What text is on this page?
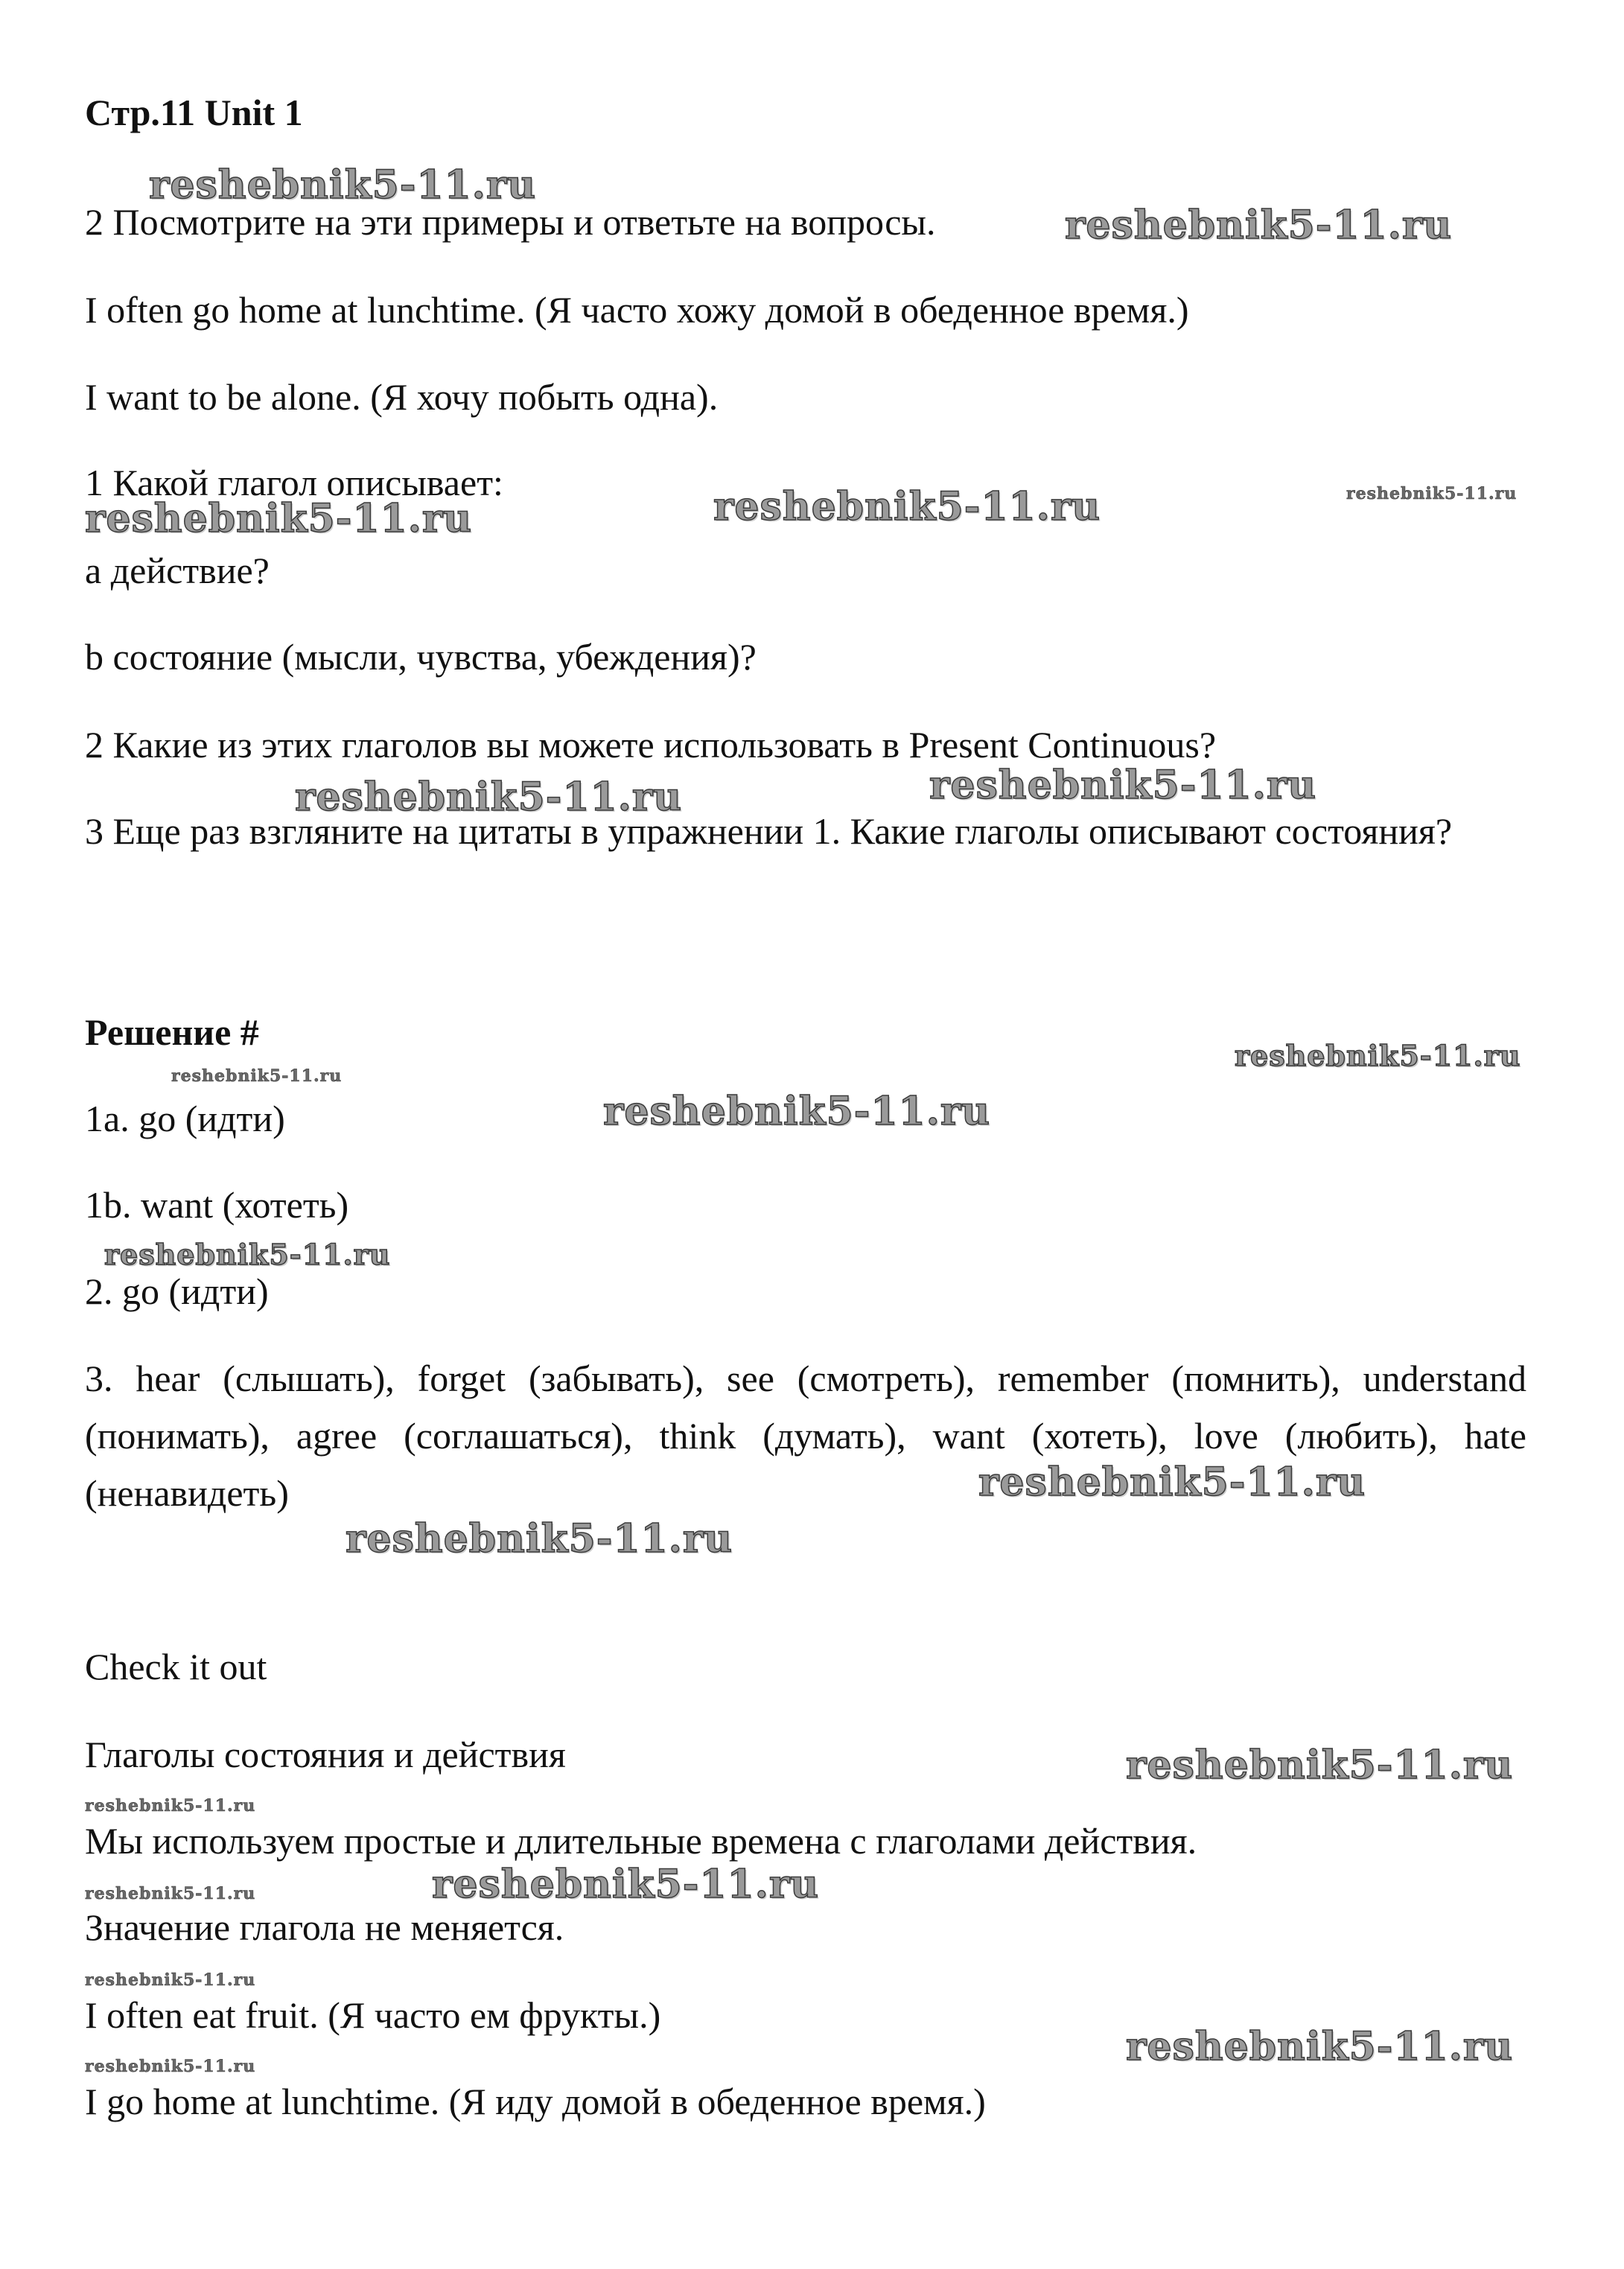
Стр.11 Unit 1
2 Посмотрите на эти примеры и ответьте на вопросы.
I often go home at lunchtime. (Я часто хожу домой в обеденное время.)
I want to be alone. (Я хочу побыть одна).
1 Какой глагол описывает:
a действие?
b состояние (мысли, чувства, убеждения)?
2 Какие из этих глаголов вы можете использовать в Present Continuous?
3 Еще раз взгляните на цитаты в упражнении 1. Какие глаголы описывают состояния?
Решение #
1a. go (идти)
1b. want (хотеть)
2. go (идти)
3. hear (слышать), forget (забывать), see (смотреть), remember (помнить), understand (понимать), agree (соглашаться), think (думать), want (хотеть), love (любить), hate (ненавидеть)
Check it out
Глаголы состояния и действия
Мы используем простые и длительные времена с глаголами действия.
Значение глагола не меняется.
I often eat fruit. (Я часто ем фрукты.)
I go home at lunchtime. (Я иду домой в обеденное время.)
reshebnik5-11.ru
reshebnik5-11.ru
reshebnik5-11.ru	reshebnik5-11.ru	reshebnik5-11.ru
reshebnik5-11.ru	reshebnik5-11.ru
reshebnik5-11.ru
reshebnik5-11.ru
reshebnik5-11.ru
reshebnik5-11.ru
reshebnik5-11.ru
reshebnik5-11.ru
reshebnik5-11.ru
reshebnik5-11.ru
reshebnik5-11.ru	reshebnik5-11.ru
reshebnik5-11.ru
reshebnik5-11.ru
reshebnik5-11.ru
